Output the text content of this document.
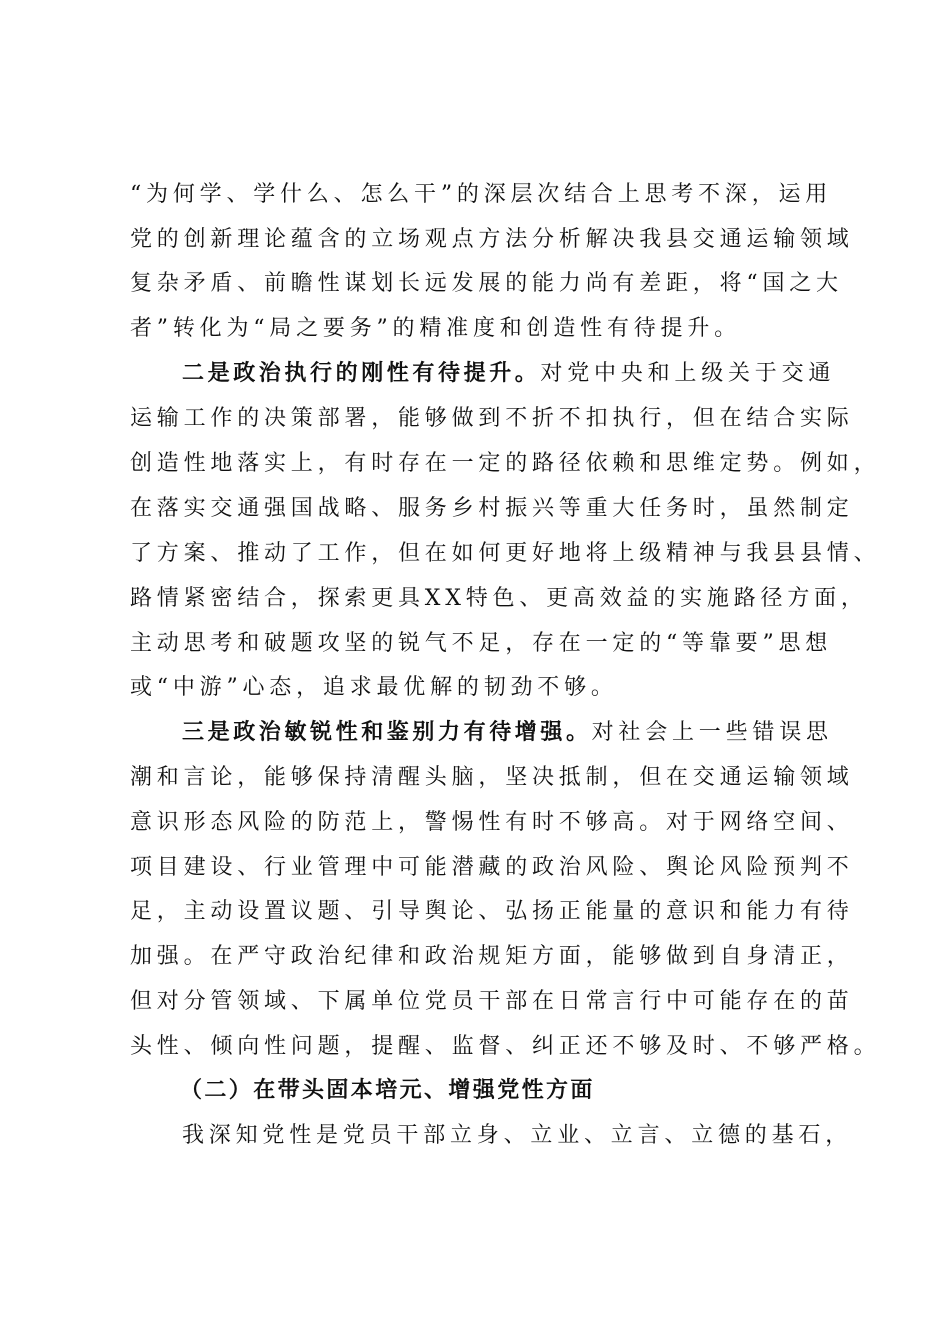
“为何学、学什么、怎么干”的深层次结合上思考不深，运用
党的创新理论蕴含的立场观点方法分析解决我县交通运输领域
复杂矛盾、前瞻性谋划长远发展的能力尚有差距，将“国之大
者”转化为“局之要务”的精准度和创造性有待提升。
二是政治执行的刚性有待提升。对党中央和上级关于交通
运输工作的决策部署，能够做到不折不扣执行，但在结合实际
创造性地落实上，有时存在一定的路径依赖和思维定势。例如，
在落实交通强国战略、服务乡村振兴等重大任务时，虽然制定
了方案、推动了工作，但在如何更好地将上级精神与我县县情、
路情紧密结合，探索更具XX特色、更高效益的实施路径方面，
主动思考和破题攻坚的锐气不足，存在一定的“等靠要”思想
或“中游”心态，追求最优解的韧劲不够。
三是政治敏锐性和鉴别力有待增强。对社会上一些错误思
潮和言论，能够保持清醒头脑，坚决抵制，但在交通运输领域
意识形态风险的防范上，警惕性有时不够高。对于网络空间、
项目建设、行业管理中可能潜藏的政治风险、舆论风险预判不
足，主动设置议题、引导舆论、弘扬正能量的意识和能力有待
加强。在严守政治纪律和政治规矩方面，能够做到自身清正，
但对分管领域、下属单位党员干部在日常言行中可能存在的苗
头性、倾向性问题，提醒、监督、纠正还不够及时、不够严格。
（二）在带头固本培元、增强党性方面
我深知党性是党员干部立身、立业、立言、立德的基石，
